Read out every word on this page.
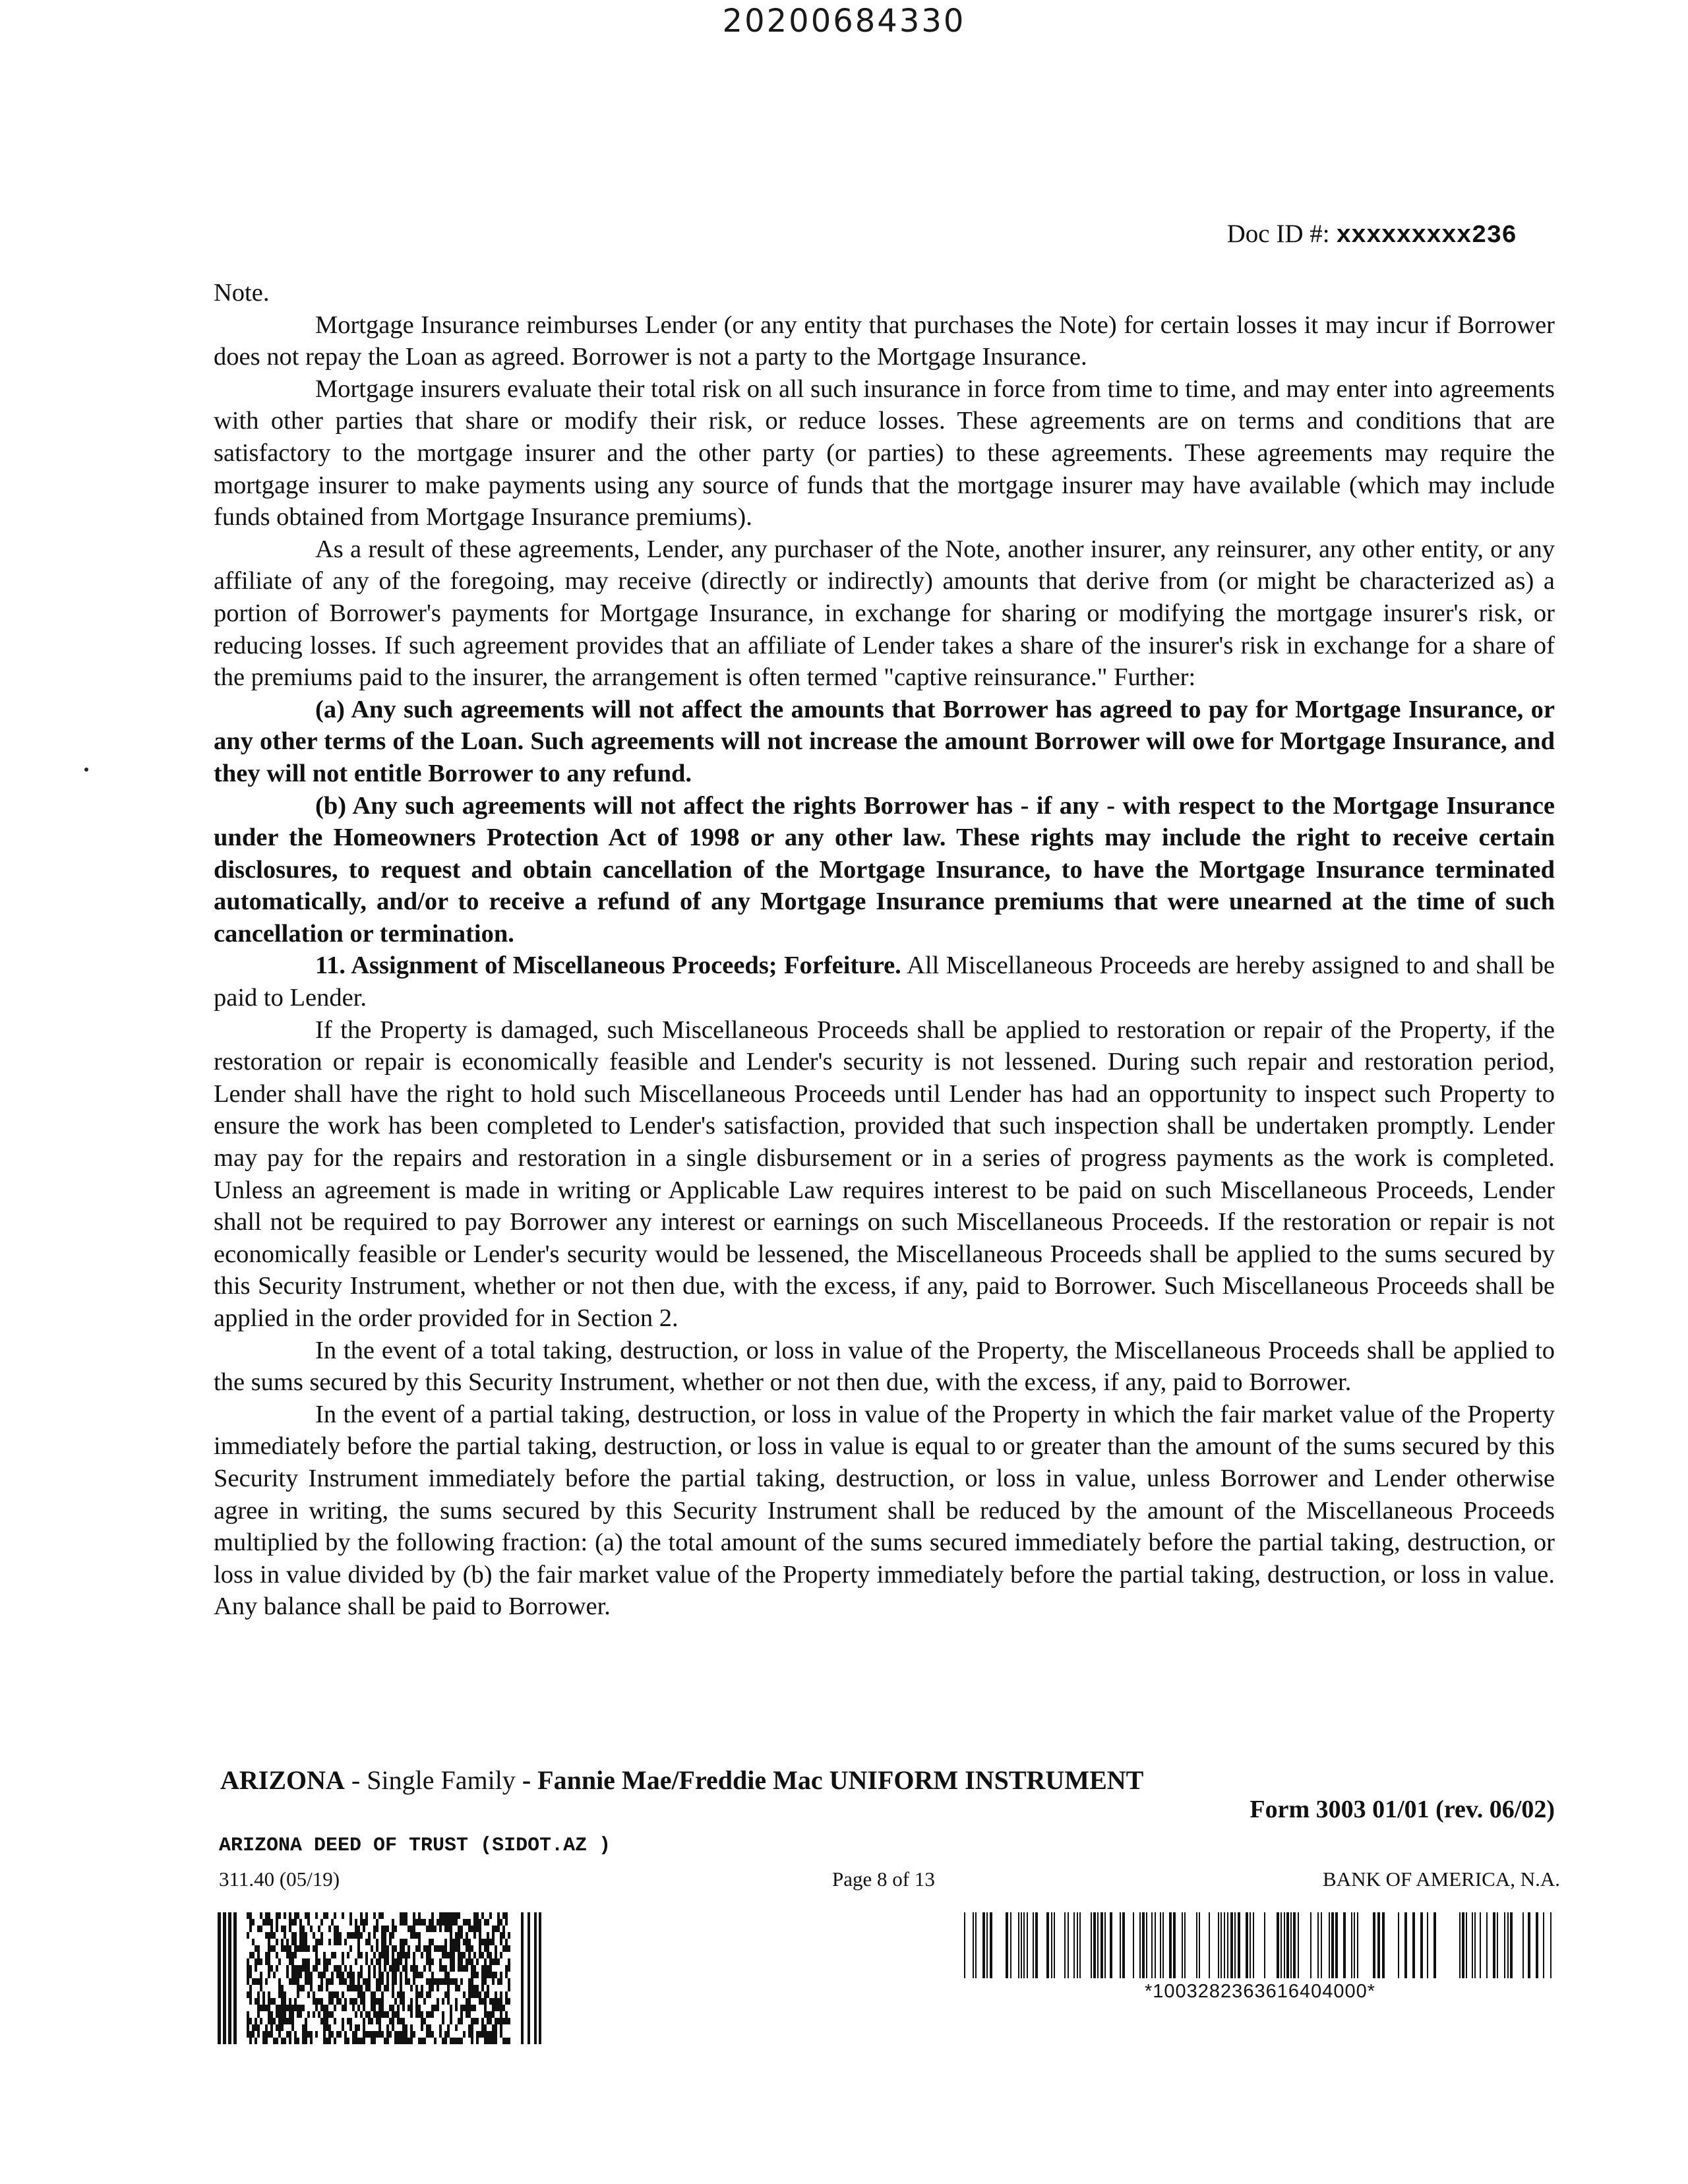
20200684330
Doc ID #: xxxxxxxxx236

Note.

Mortgage Insurance reimburses Lender (or any entity that purchases the Note) for certain losses it may incur if Borrower does not repay the Loan as agreed. Borrower is not a party to the Mortgage Insurance.

Mortgage insurers evaluate their total risk on all such insurance in force from time to time, and may enter into agreements with other parties that share or modify their risk, or reduce losses. These agreements are on terms and conditions that are satisfactory to the mortgage insurer and the other party (or parties) to these agreements. These agreements may require the mortgage insurer to make payments using any source of funds that the mortgage insurer may have available (which may include funds obtained from Mortgage Insurance premiums).

As a result of these agreements, Lender, any purchaser of the Note, another insurer, any reinsurer, any other entity, or any affiliate of any of the foregoing, may receive (directly or indirectly) amounts that derive from (or might be characterized as) a portion of Borrower's payments for Mortgage Insurance, in exchange for sharing or modifying the mortgage insurer's risk, or reducing losses. If such agreement provides that an affiliate of Lender takes a share of the insurer's risk in exchange for a share of the premiums paid to the insurer, the arrangement is often termed "captive reinsurance." Further:

(a) Any such agreements will not affect the amounts that Borrower has agreed to pay for Mortgage Insurance, or any other terms of the Loan. Such agreements will not increase the amount Borrower will owe for Mortgage Insurance, and they will not entitle Borrower to any refund.

(b) Any such agreements will not affect the rights Borrower has - if any - with respect to the Mortgage Insurance under the Homeowners Protection Act of 1998 or any other law. These rights may include the right to receive certain disclosures, to request and obtain cancellation of the Mortgage Insurance, to have the Mortgage Insurance terminated automatically, and/or to receive a refund of any Mortgage Insurance premiums that were unearned at the time of such cancellation or termination.

11. Assignment of Miscellaneous Proceeds; Forfeiture. All Miscellaneous Proceeds are hereby assigned to and shall be paid to Lender.

If the Property is damaged, such Miscellaneous Proceeds shall be applied to restoration or repair of the Property, if the restoration or repair is economically feasible and Lender's security is not lessened. During such repair and restoration period, Lender shall have the right to hold such Miscellaneous Proceeds until Lender has had an opportunity to inspect such Property to ensure the work has been completed to Lender's satisfaction, provided that such inspection shall be undertaken promptly. Lender may pay for the repairs and restoration in a single disbursement or in a series of progress payments as the work is completed. Unless an agreement is made in writing or Applicable Law requires interest to be paid on such Miscellaneous Proceeds, Lender shall not be required to pay Borrower any interest or earnings on such Miscellaneous Proceeds. If the restoration or repair is not economically feasible or Lender's security would be lessened, the Miscellaneous Proceeds shall be applied to the sums secured by this Security Instrument, whether or not then due, with the excess, if any, paid to Borrower. Such Miscellaneous Proceeds shall be applied in the order provided for in Section 2.

In the event of a total taking, destruction, or loss in value of the Property, the Miscellaneous Proceeds shall be applied to the sums secured by this Security Instrument, whether or not then due, with the excess, if any, paid to Borrower.

In the event of a partial taking, destruction, or loss in value of the Property in which the fair market value of the Property immediately before the partial taking, destruction, or loss in value is equal to or greater than the amount of the sums secured by this Security Instrument immediately before the partial taking, destruction, or loss in value, unless Borrower and Lender otherwise agree in writing, the sums secured by this Security Instrument shall be reduced by the amount of the Miscellaneous Proceeds multiplied by the following fraction: (a) the total amount of the sums secured immediately before the partial taking, destruction, or loss in value divided by (b) the fair market value of the Property immediately before the partial taking, destruction, or loss in value. Any balance shall be paid to Borrower.

ARIZONA - Single Family - Fannie Mae/Freddie Mac UNIFORM INSTRUMENT
Form 3003 01/01 (rev. 06/02)
ARIZONA DEED OF TRUST (SIDOT.AZ )
311.40 (05/19)	Page 8 of 13	BANK OF AMERICA, N.A.
*1003282363616404000*
